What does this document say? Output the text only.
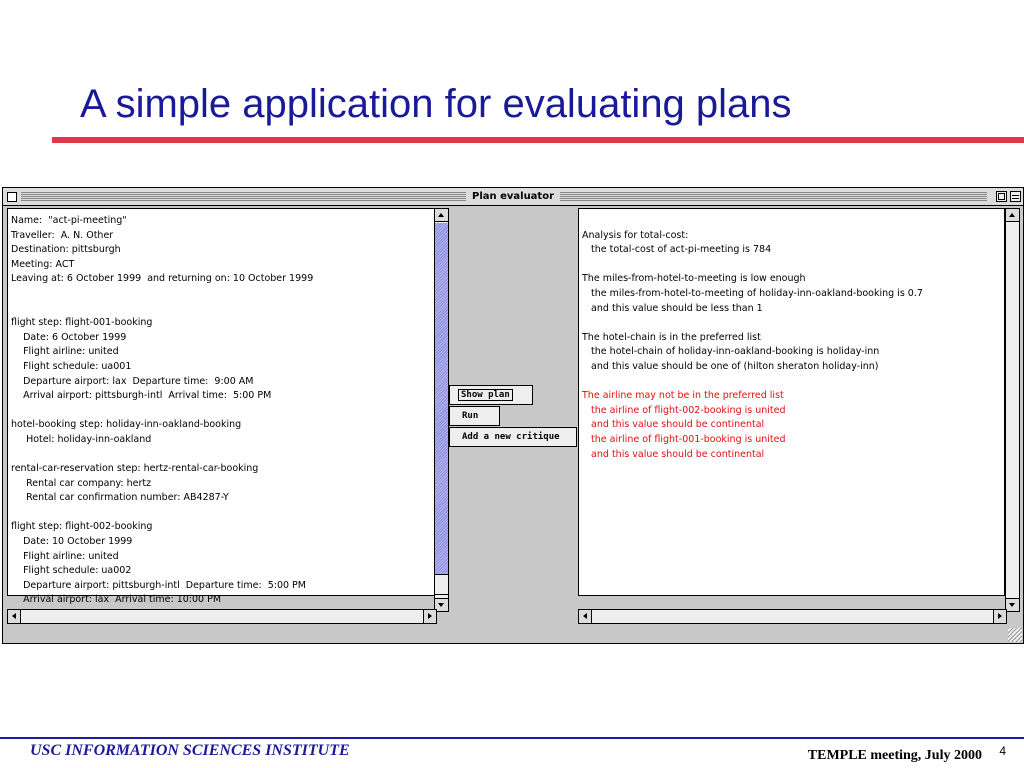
A simple application for evaluating plans
Plan evaluator
Name:  "act-pi-meeting"
Traveller:  A. N. Other
Destination: pittsburgh
Meeting: ACT
Leaving at: 6 October 1999  and returning on: 10 October 1999
flight step: flight-001-booking
Date: 6 October 1999
Flight airline: united
Flight schedule: ua001
Departure airport: lax  Departure time:  9:00 AM
Arrival airport: pittsburgh-intl  Arrival time:  5:00 PM
hotel-booking step: holiday-inn-oakland-booking
Hotel: holiday-inn-oakland
rental-car-reservation step: hertz-rental-car-booking
Rental car company: hertz
Rental car confirmation number: AB4287-Y
flight step: flight-002-booking
Date: 10 October 1999
Flight airline: united
Flight schedule: ua002
Departure airport: pittsburgh-intl  Departure time:  5:00 PM
Arrival airport: lax  Arrival time: 10:00 PM
Show plan
Run
Add a new critique
Analysis for total-cost:
the total-cost of act-pi-meeting is 784
The miles-from-hotel-to-meeting is low enough
the miles-from-hotel-to-meeting of holiday-inn-oakland-booking is 0.7
and this value should be less than 1
The hotel-chain is in the preferred list
the hotel-chain of holiday-inn-oakland-booking is holiday-inn
and this value should be one of (hilton sheraton holiday-inn)
The airline may not be in the preferred list
the airline of flight-002-booking is united
and this value should be continental
the airline of flight-001-booking is united
and this value should be continental
USC INFORMATION SCIENCES INSTITUTE	TEMPLE meeting, July 2000 4
